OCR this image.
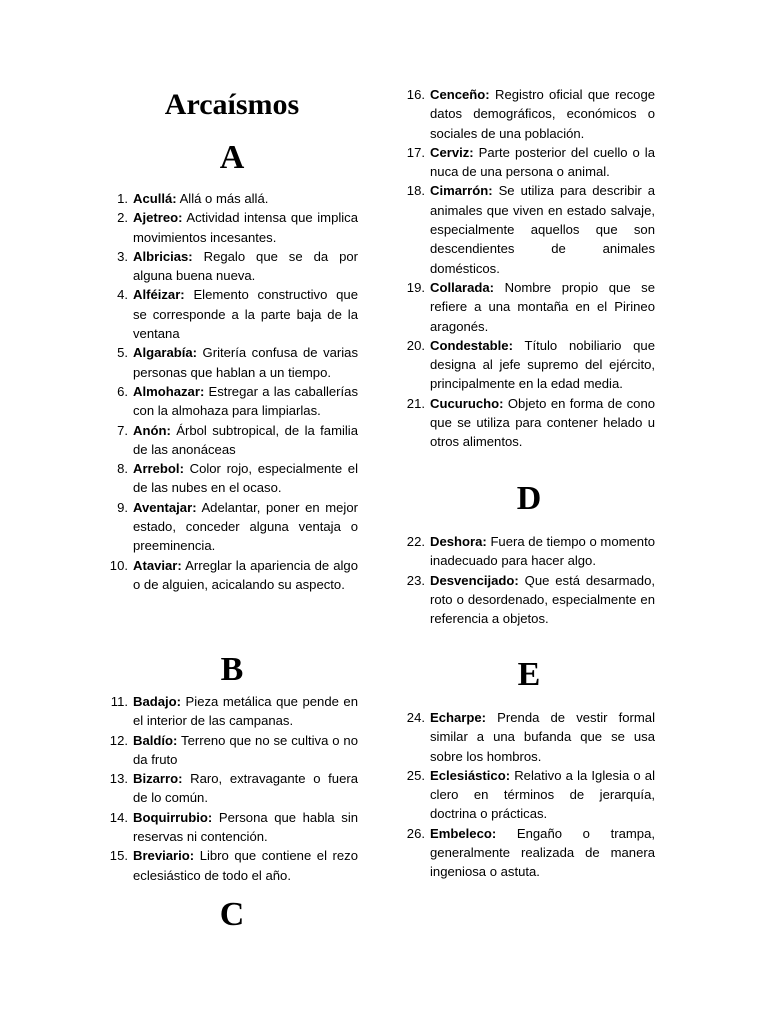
Arcaísmos
A
1. Acullá: Allá o más allá.
2. Ajetreo: Actividad intensa que implica movimientos incesantes.
3. Albricias: Regalo que se da por alguna buena nueva.
4. Alféizar: Elemento constructivo que se corresponde a la parte baja de la ventana
5. Algarabía: Gritería confusa de varias personas que hablan a un tiempo.
6. Almohazar: Estregar a las caballerías con la almohaza para limpiarlas.
7. Anón: Árbol subtropical, de la familia de las anonáceas
8. Arrebol: Color rojo, especialmente el de las nubes en el ocaso.
9. Aventajar: Adelantar, poner en mejor estado, conceder alguna ventaja o preeminencia.
10. Ataviar: Arreglar la apariencia de algo o de alguien, acicalando su aspecto.
B
11. Badajo: Pieza metálica que pende en el interior de las campanas.
12. Baldío: Terreno que no se cultiva o no da fruto
13. Bizarro: Raro, extravagante o fuera de lo común.
14. Boquirrubio: Persona que habla sin reservas ni contención.
15. Breviario: Libro que contiene el rezo eclesiástico de todo el año.
C
16. Cenceño: Registro oficial que recoge datos demográficos, económicos o sociales de una población.
17. Cerviz: Parte posterior del cuello o la nuca de una persona o animal.
18. Cimarrón: Se utiliza para describir a animales que viven en estado salvaje, especialmente aquellos que son descendientes de animales domésticos.
19. Collarada: Nombre propio que se refiere a una montaña en el Pirineo aragonés.
20. Condestable: Título nobiliario que designa al jefe supremo del ejército, principalmente en la edad media.
21. Cucurucho: Objeto en forma de cono que se utiliza para contener helado u otros alimentos.
D
22. Deshora: Fuera de tiempo o momento inadecuado para hacer algo.
23. Desvencijado: Que está desarmado, roto o desordenado, especialmente en referencia a objetos.
E
24. Echarpe: Prenda de vestir formal similar a una bufanda que se usa sobre los hombros.
25. Eclesiástico: Relativo a la Iglesia o al clero en términos de jerarquía, doctrina o prácticas.
26. Embeleco: Engaño o trampa, generalmente realizada de manera ingeniosa o astuta.
